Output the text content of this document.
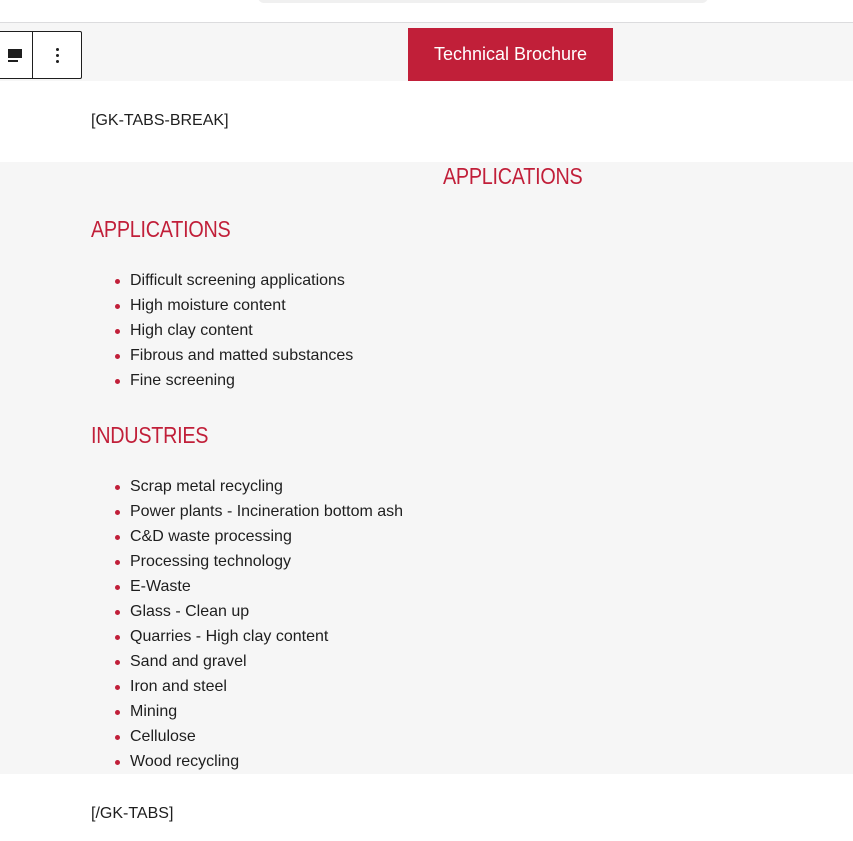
Technical Brochure
[GK-TABS-BREAK]
APPLICATIONS
APPLICATIONS
Difficult screening applications
High moisture content
High clay content
Fibrous and matted substances
Fine screening
INDUSTRIES
Scrap metal recycling
Power plants - Incineration bottom ash
C&D waste processing
Processing technology
E-Waste
Glass - Clean up
Quarries - High clay content
Sand and gravel
Iron and steel
Mining
Cellulose
Wood recycling
[/GK-TABS]
